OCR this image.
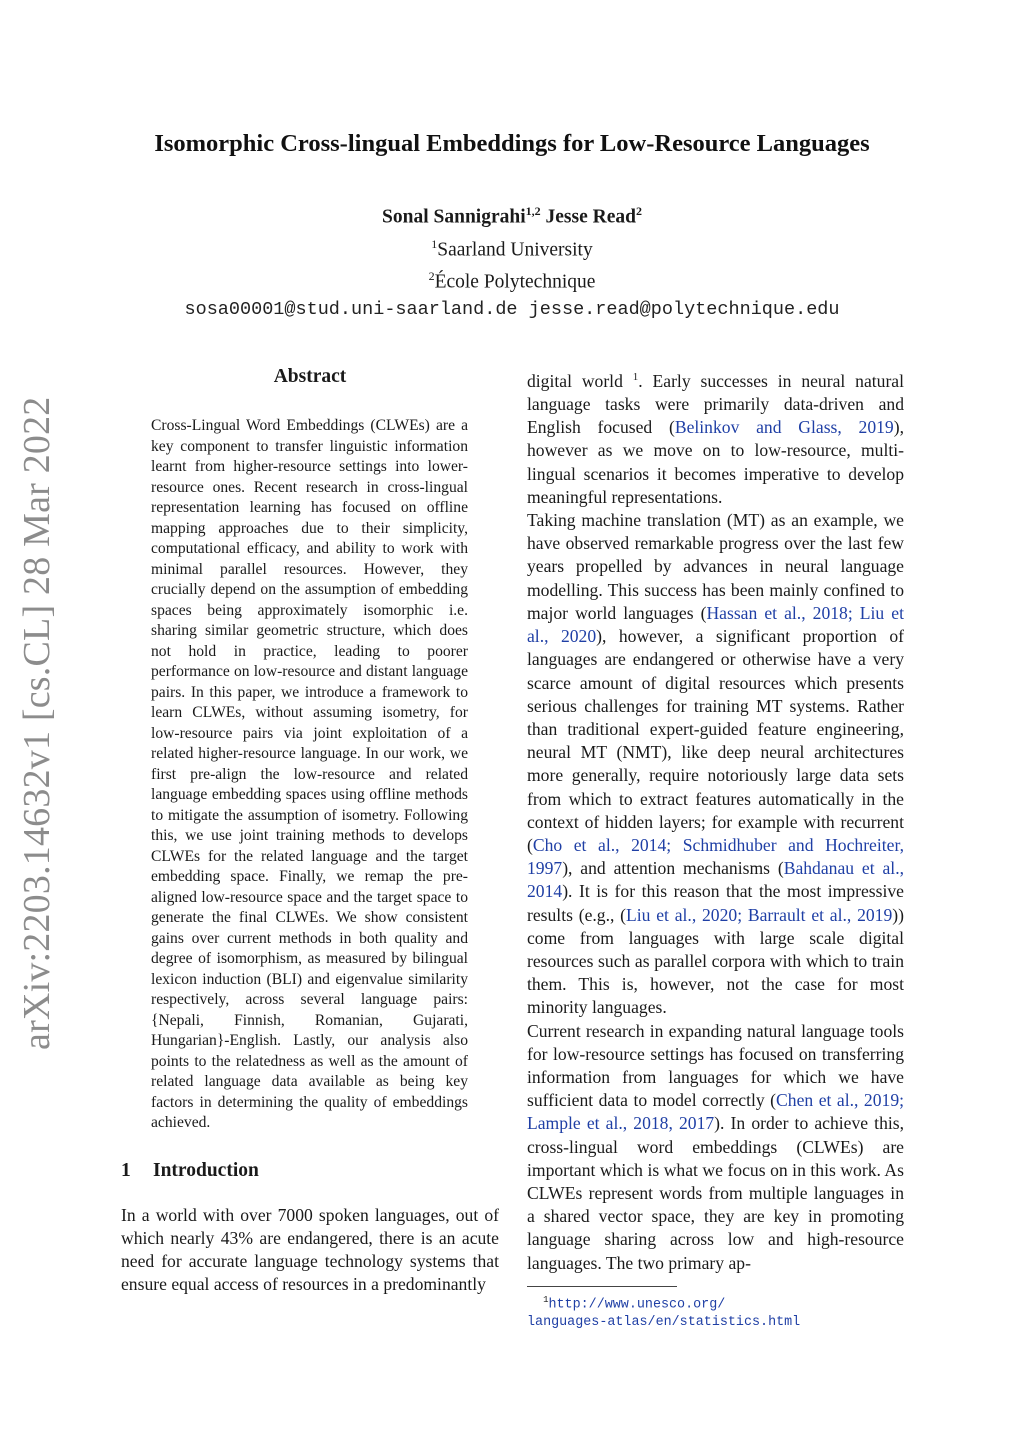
arXiv:2203.14632v1 [cs.CL] 28 Mar 2022
Isomorphic Cross-lingual Embeddings for Low-Resource Languages
Sonal Sannigrahi$^{1,2}$ Jesse Read$^2$
$^1$Saarland University
$^2$École Polytechnique
sosa00001@stud.uni-saarland.de jesse.read@polytechnique.edu
Abstract

Cross-Lingual Word Embeddings (CLWEs) are a key component to transfer linguistic information learnt from higher-resource settings into lower-resource ones. Recent research in cross-lingual representation learning has focused on offline mapping approaches due to their simplicity, computational efficacy, and ability to work with minimal parallel resources. However, they crucially depend on the assumption of embedding spaces being approximately isomorphic i.e. sharing similar geometric structure, which does not hold in practice, leading to poorer performance on low-resource and distant language pairs. In this paper, we introduce a framework to learn CLWEs, without assuming isometry, for low-resource pairs via joint exploitation of a related higher-resource language. In our work, we first pre-align the low-resource and related language embedding spaces using offline methods to mitigate the assumption of isometry. Following this, we use joint training methods to develops CLWEs for the related language and the target embedding space. Finally, we remap the pre-aligned low-resource space and the target space to generate the final CLWEs. We show consistent gains over current methods in both quality and degree of isomorphism, as measured by bilingual lexicon induction (BLI) and eigenvalue similarity respectively, across several language pairs: {Nepali, Finnish, Romanian, Gujarati, Hungarian}-English. Lastly, our analysis also points to the relatedness as well as the amount of related language data available as being key factors in determining the quality of embeddings achieved.

1 Introduction

In a world with over 7000 spoken languages, out of which nearly 43% are endangered, there is an acute need for accurate language technology systems that ensure equal access of resources in a predominantly

digital world $^1$. Early successes in neural natural language tasks were primarily data-driven and English focused (Belinkov and Glass, 2019), however as we move on to low-resource, multi-lingual scenarios it becomes imperative to develop meaningful representations.

Taking machine translation (MT) as an example, we have observed remarkable progress over the last few years propelled by advances in neural language modelling. This success has been mainly confined to major world languages (Hassan et al., 2018; Liu et al., 2020), however, a significant proportion of languages are endangered or otherwise have a very scarce amount of digital resources which presents serious challenges for training MT systems. Rather than traditional expert-guided feature engineering, neural MT (NMT), like deep neural architectures more generally, require notoriously large data sets from which to extract features automatically in the context of hidden layers; for example with recurrent (Cho et al., 2014; Schmidhuber and Hochreiter, 1997), and attention mechanisms (Bahdanau et al., 2014). It is for this reason that the most impressive results (e.g., (Liu et al., 2020; Barrault et al., 2019)) come from languages with large scale digital resources such as parallel corpora with which to train them. This is, however, not the case for most minority languages.

Current research in expanding natural language tools for low-resource settings has focused on transferring information from languages for which we have sufficient data to model correctly (Chen et al., 2019; Lample et al., 2018, 2017). In order to achieve this, cross-lingual word embeddings (CLWEs) are important which is what we focus on in this work. As CLWEs represent words from multiple languages in a shared vector space, they are key in promoting language sharing across low and high-resource languages. The two primary ap-

$^1$http://www.unesco.org/
languages-atlas/en/statistics.html
